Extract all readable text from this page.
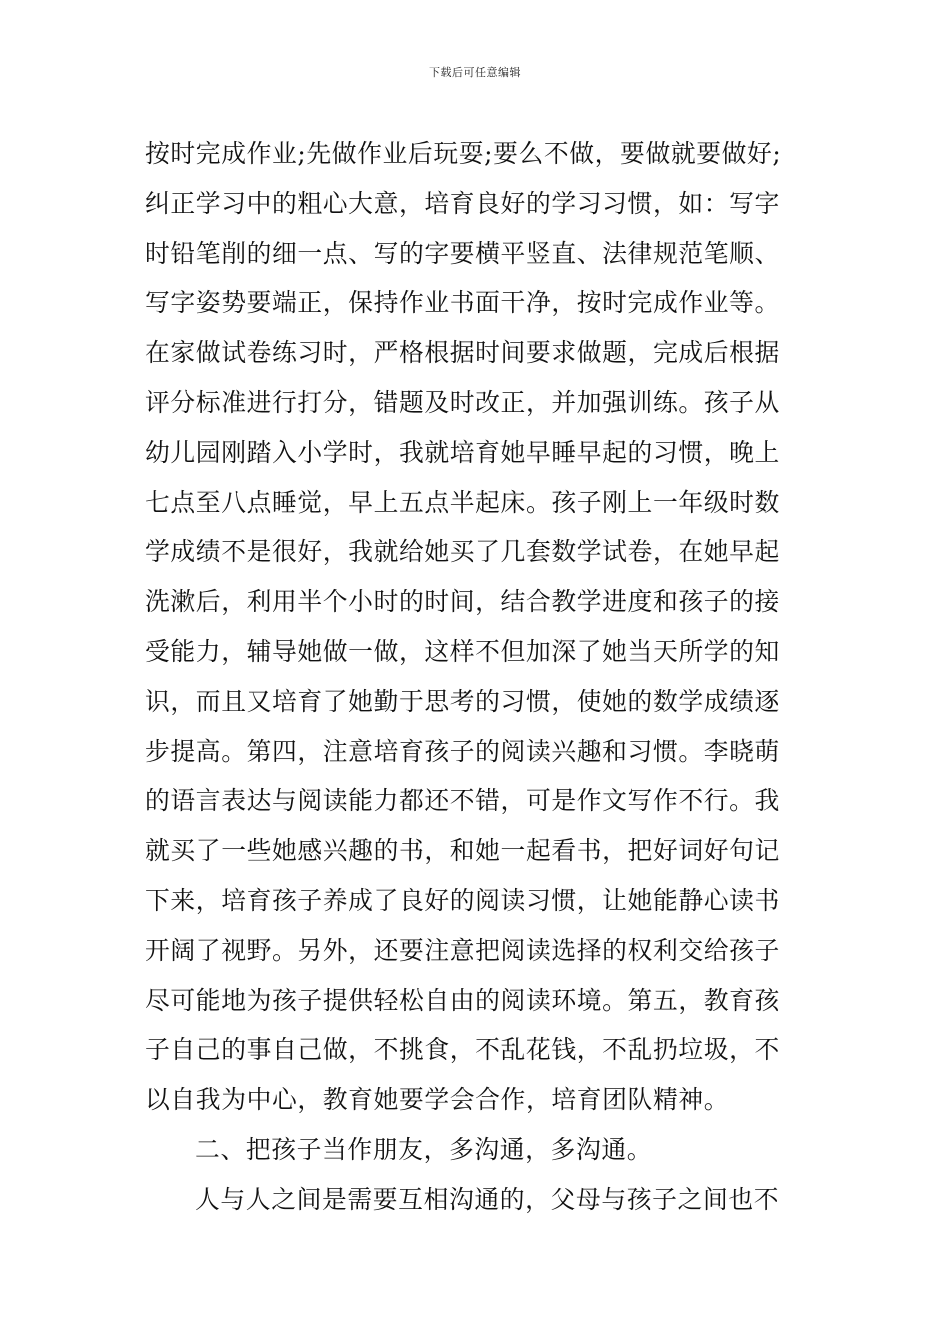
下载后可任意编辑
按时完成作业;先做作业后玩耍;要么不做，要做就要做好;
纠正学习中的粗心大意，培育良好的学习习惯，如：写字
时铅笔削的细一点、写的字要横平竖直、法律规范笔顺、
写字姿势要端正，保持作业书面干净，按时完成作业等。
在家做试卷练习时，严格根据时间要求做题，完成后根据
评分标准进行打分，错题及时改正，并加强训练。孩子从
幼儿园刚踏入小学时，我就培育她早睡早起的习惯，晚上
七点至八点睡觉，早上五点半起床。孩子刚上一年级时数
学成绩不是很好，我就给她买了几套数学试卷，在她早起
洗漱后，利用半个小时的时间，结合教学进度和孩子的接
受能力，辅导她做一做，这样不但加深了她当天所学的知
识，而且又培育了她勤于思考的习惯，使她的数学成绩逐
步提高。第四，注意培育孩子的阅读兴趣和习惯。李晓萌
的语言表达与阅读能力都还不错，可是作文写作不行。我
就买了一些她感兴趣的书，和她一起看书，把好词好句记
下来，培育孩子养成了良好的阅读习惯，让她能静心读书
开阔了视野。另外，还要注意把阅读选择的权利交给孩子
尽可能地为孩子提供轻松自由的阅读环境。第五，教育孩
子自己的事自己做，不挑食，不乱花钱，不乱扔垃圾，不
以自我为中心，教育她要学会合作，培育团队精神。
二、把孩子当作朋友，多沟通，多沟通。
人与人之间是需要互相沟通的，父母与孩子之间也不
